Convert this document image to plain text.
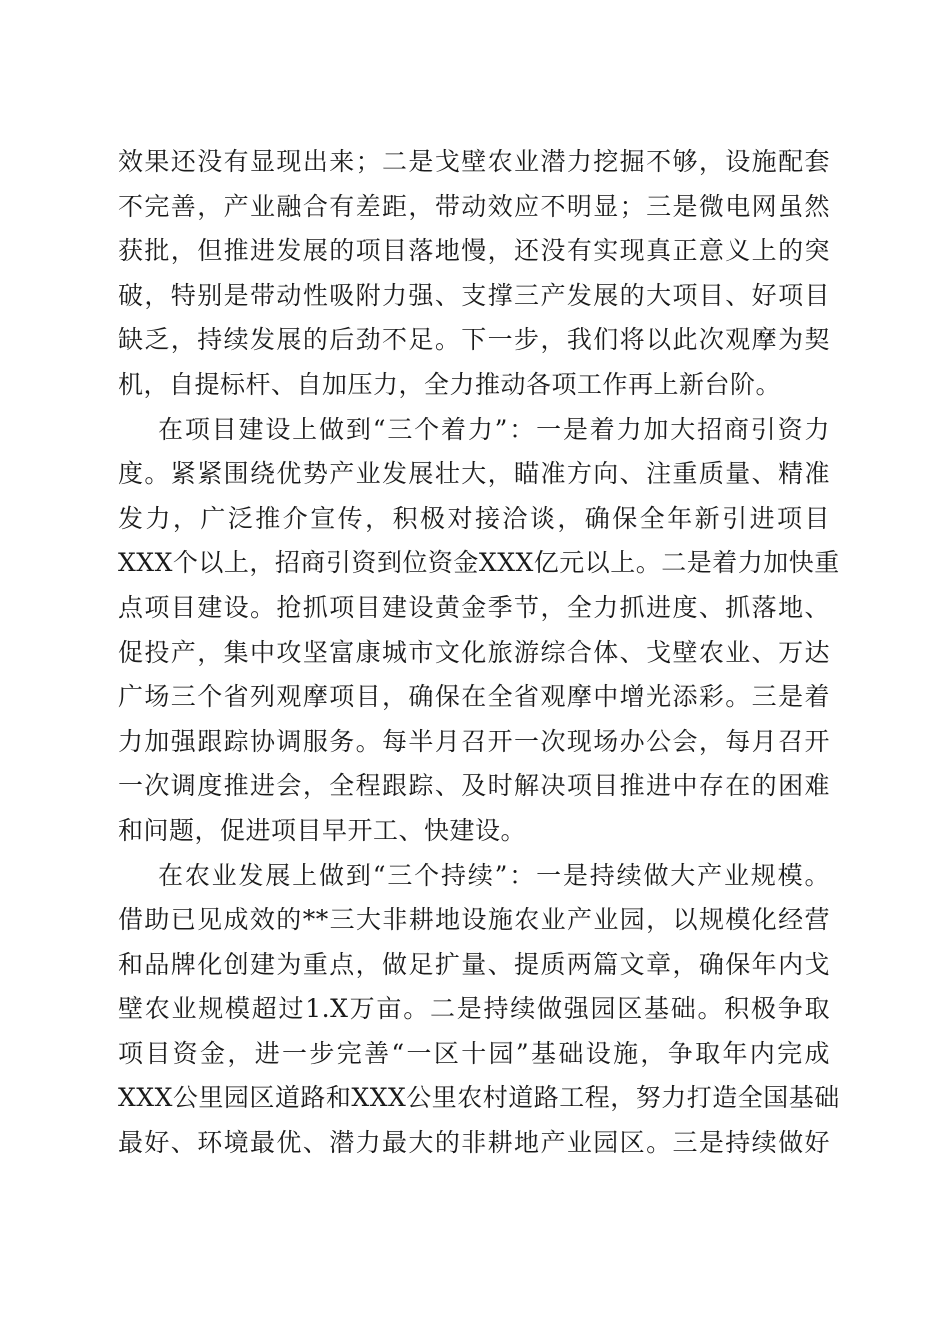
效果还没有显现出来；二是戈壁农业潜力挖掘不够，设施配套
不完善，产业融合有差距，带动效应不明显；三是微电网虽然
获批，但推进发展的项目落地慢，还没有实现真正意义上的突
破，特别是带动性吸附力强、支撑三产发展的大项目、好项目
缺乏，持续发展的后劲不足。下一步，我们将以此次观摩为契
机，自提标杆、自加压力，全力推动各项工作再上新台阶。
在项目建设上做到“三个着力”：一是着力加大招商引资力
度。紧紧围绕优势产业发展壮大，瞄准方向、注重质量、精准
发力，广泛推介宣传，积极对接洽谈，确保全年新引进项目
XXX个以上，招商引资到位资金XXX亿元以上。二是着力加快重
点项目建设。抢抓项目建设黄金季节，全力抓进度、抓落地、
促投产，集中攻坚富康城市文化旅游综合体、戈壁农业、万达
广场三个省列观摩项目，确保在全省观摩中增光添彩。三是着
力加强跟踪协调服务。每半月召开一次现场办公会，每月召开
一次调度推进会，全程跟踪、及时解决项目推进中存在的困难
和问题，促进项目早开工、快建设。
在农业发展上做到“三个持续”：一是持续做大产业规模。
借助已见成效的**三大非耕地设施农业产业园，以规模化经营
和品牌化创建为重点，做足扩量、提质两篇文章，确保年内戈
壁农业规模超过1.X万亩。二是持续做强园区基础。积极争取
项目资金，进一步完善“一区十园”基础设施，争取年内完成
XXX公里园区道路和XXX公里农村道路工程，努力打造全国基础
最好、环境最优、潜力最大的非耕地产业园区。三是持续做好
